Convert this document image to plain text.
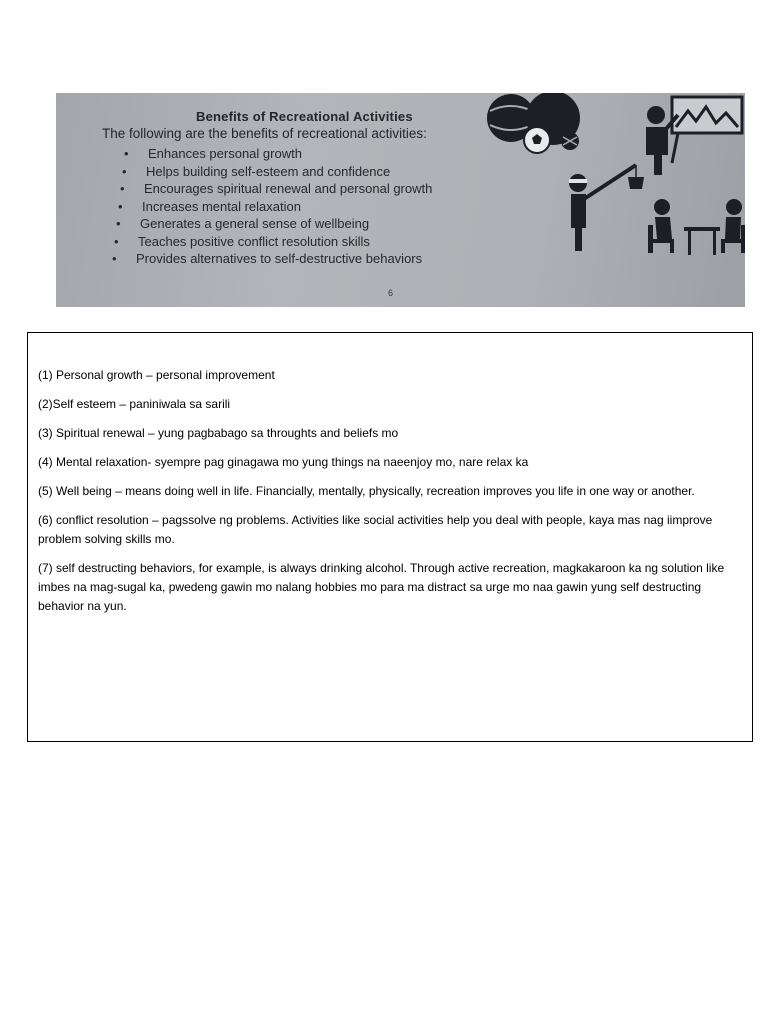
Benefits of Recreational Activities
The following are the benefits of recreational activities:
• Enhances personal growth
• Helps building self-esteem and confidence
• Encourages spiritual renewal and personal growth
• Increases mental relaxation
• Generates a general sense of wellbeing
• Teaches positive conflict resolution skills
• Provides alternatives to self-destructive behaviors
6

(1) Personal growth – personal improvement

(2)Self esteem – paniniwala sa sarili

(3) Spiritual renewal – yung pagbabago sa throughts and beliefs mo

(4) Mental relaxation- syempre pag ginagawa mo yung things na naeenjoy mo, nare relax ka

(5) Well being – means doing well in life. Financially, mentally, physically, recreation improves you life in one way or another.

(6) conflict resolution – pagssolve ng problems. Activities like social activities help you deal with people, kaya mas nag iimprove problem solving skills mo.

(7) self destructing behaviors, for example, is always drinking alcohol. Through active recreation, magkakaroon ka ng solution like imbes na mag-sugal ka, pwedeng gawin mo nalang hobbies mo para ma distract sa urge mo naa gawin yung self destructing behavior na yun.
